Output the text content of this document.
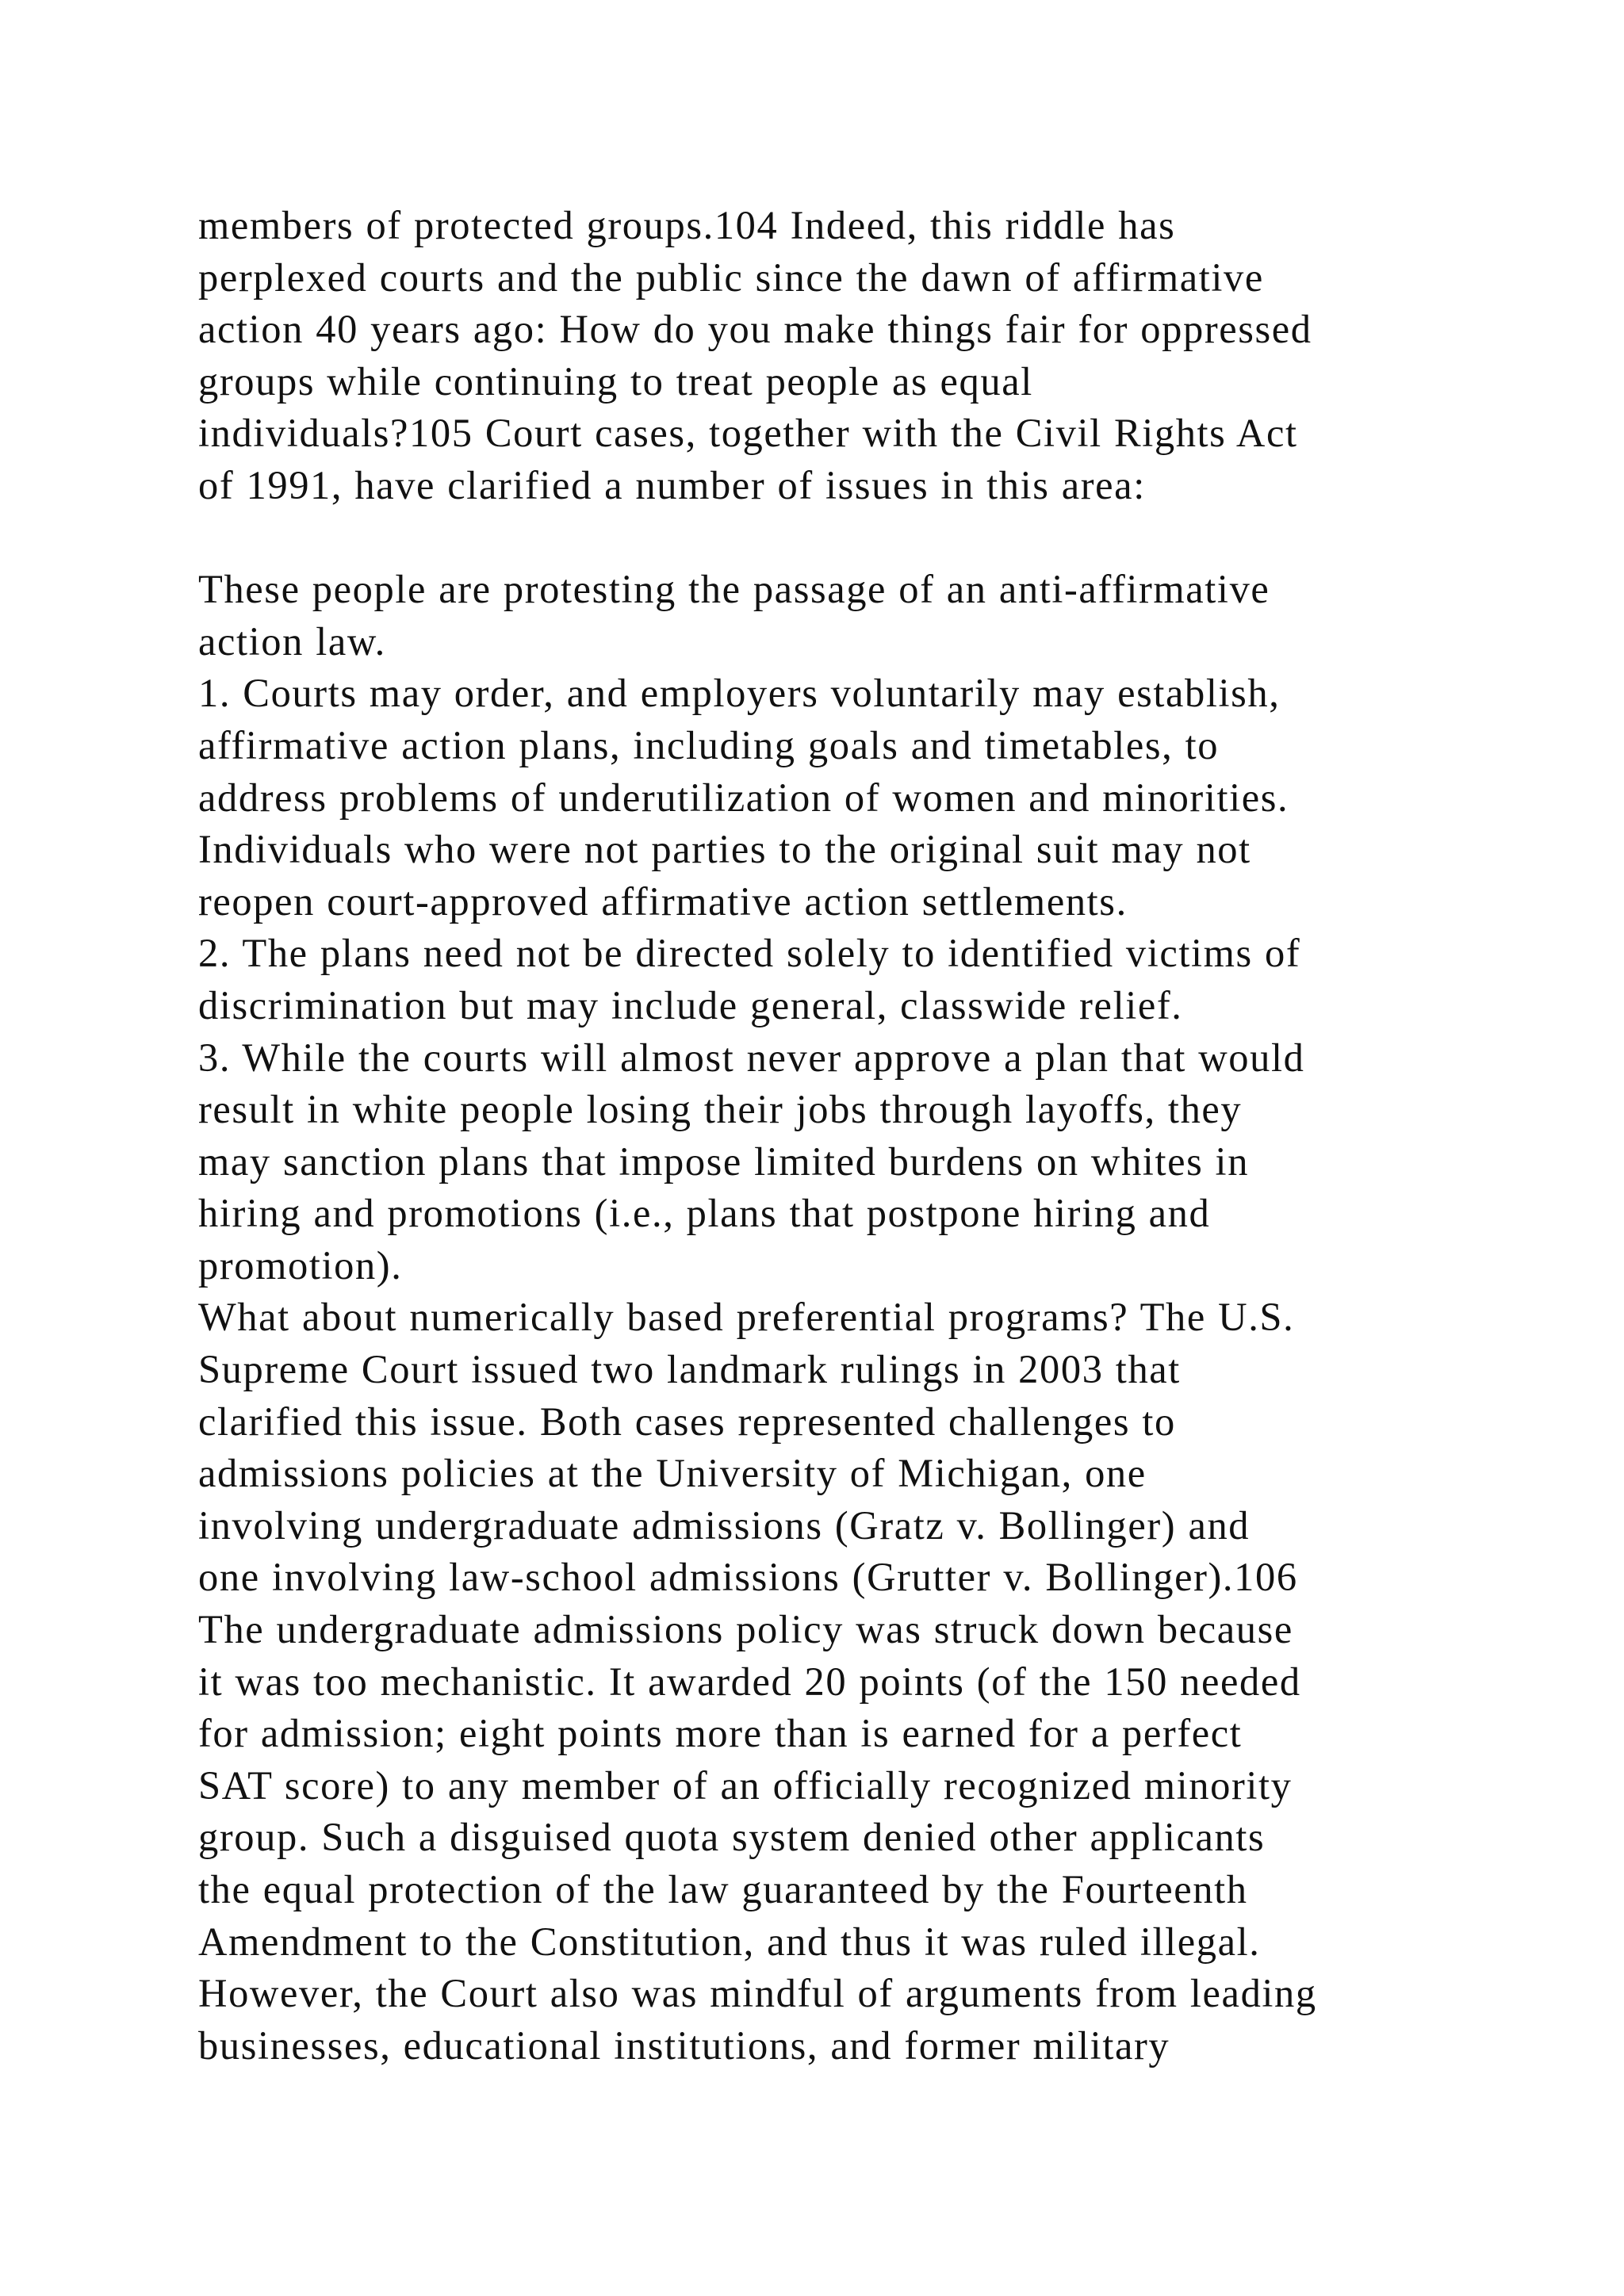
members of protected groups.104 Indeed, this riddle has
perplexed courts and the public since the dawn of affirmative
action 40 years ago: How do you make things fair for oppressed
groups while continuing to treat people as equal
individuals?105 Court cases, together with the Civil Rights Act
of 1991, have clarified a number of issues in this area:
These people are protesting the passage of an anti-affirmative
action law.
1. Courts may order, and employers voluntarily may establish,
affirmative action plans, including goals and timetables, to
address problems of underutilization of women and minorities.
Individuals who were not parties to the original suit may not
reopen court-approved affirmative action settlements.
2. The plans need not be directed solely to identified victims of
discrimination but may include general, classwide relief.
3. While the courts will almost never approve a plan that would
result in white people losing their jobs through layoffs, they
may sanction plans that impose limited burdens on whites in
hiring and promotions (i.e., plans that postpone hiring and
promotion).
What about numerically based preferential programs? The U.S.
Supreme Court issued two landmark rulings in 2003 that
clarified this issue. Both cases represented challenges to
admissions policies at the University of Michigan, one
involving undergraduate admissions (Gratz v. Bollinger) and
one involving law-school admissions (Grutter v. Bollinger).106
The undergraduate admissions policy was struck down because
it was too mechanistic. It awarded 20 points (of the 150 needed
for admission; eight points more than is earned for a perfect
SAT score) to any member of an officially recognized minority
group. Such a disguised quota system denied other applicants
the equal protection of the law guaranteed by the Fourteenth
Amendment to the Constitution, and thus it was ruled illegal.
However, the Court also was mindful of arguments from leading
businesses, educational institutions, and former military
